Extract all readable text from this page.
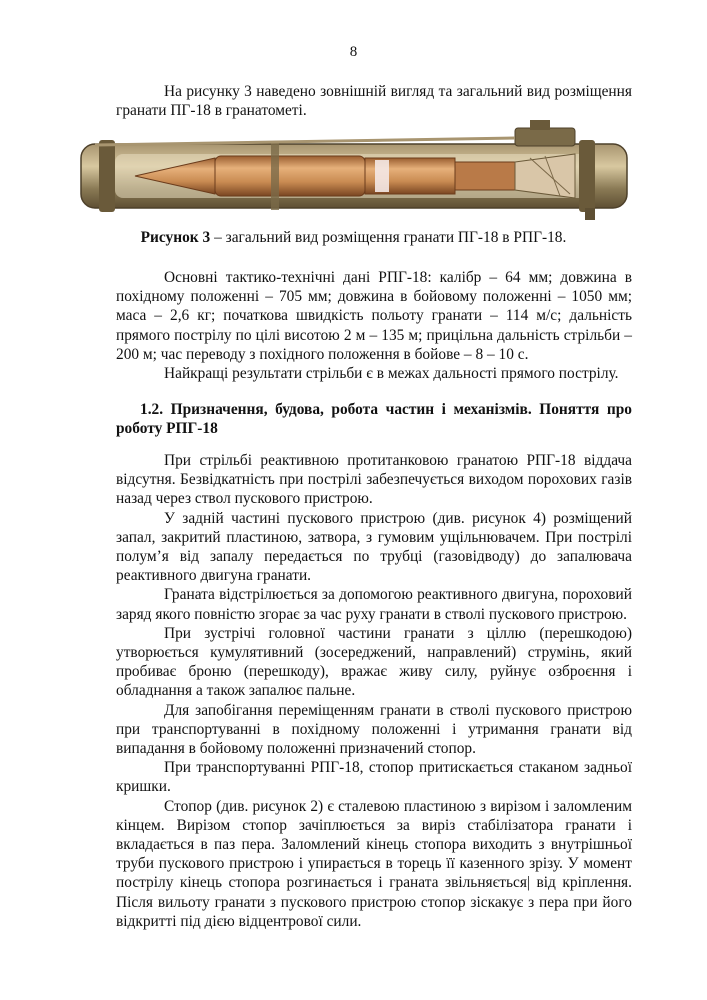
8

На рисунку 3 наведено зовнішній вигляд та загальний вид розміщення гранати ПГ-18 в гранатометі.

Рисунок 3 – загальний вид розміщення гранати ПГ-18 в РПГ-18.

Основні тактико-технічні дані РПГ-18: калібр – 64 мм; довжина в похідному положенні – 705 мм; довжина в бойовому положенні – 1050 мм; маса – 2,6 кг; початкова швидкість польоту гранати – 114 м/с; дальність прямого пострілу по цілі висотою 2 м – 135 м; прицільна дальність стрільби – 200 м; час переводу з похідного положення в бойове – 8 – 10 с.

Найкращі результати стрільби є в межах дальності прямого пострілу.

1.2. Призначення, будова, робота частин і механізмів. Поняття про роботу РПГ-18

При стрільбі реактивною протитанковою гранатою РПГ-18 віддача відсутня. Безвідкатність при пострілі забезпечується виходом порохових газів назад через ствол пускового пристрою.

У задній частині пускового пристрою (див. рисунок 4) розміщений запал, закритий пластиною, затвора, з гумовим ущільнювачем. При пострілі полум’я від запалу передається по трубці (газовідводу) до запалювача реактивного двигуна гранати.

Граната відстрілюється за допомогою реактивного двигуна, пороховий заряд якого повністю згорає за час руху гранати в стволі пускового пристрою.

При зустрічі головної частини гранати з ціллю (перешкодою) утворюється кумулятивний (зосереджений, направлений) струмінь, який пробиває броню (перешкоду), вражає живу силу, руйнує озброєння і обладнання а також запалює пальне.

Для запобігання переміщенням гранати в стволі пускового пристрою при транспортуванні в похідному положенні і утримання гранати від випадання в бойовому положенні призначений стопор.

При транспортуванні РПГ-18, стопор притискається стаканом задньої кришки.

Стопор (див. рисунок 2) є сталевою пластиною з вирізом і заломленим кінцем. Вирізом стопор зачіплюється за виріз стабілізатора гранати і вкладається в паз пера. Заломлений кінець стопора виходить з внутрішньої труби пускового пристрою і упирається в торець її казенного зрізу. У момент пострілу кінець стопора розгинається і граната звільняється| від кріплення. Після вильоту гранати з пускового пристрою стопор зіскакує з пера при його відкритті під дією відцентрової сили.
